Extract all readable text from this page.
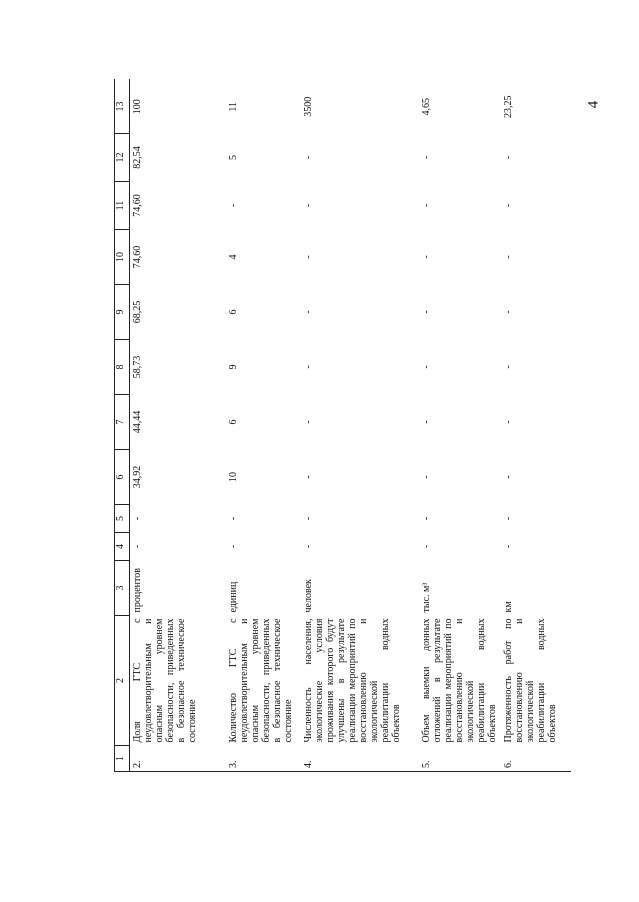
4
1	2	3	4	5	6	7	8	9	10	11	12	13
2.	Доля ГТС с неудовлетворительным и опасным уровнем безопасности, приведенных в безопасное техническое состояние	процентов	-	-	34,92	44,44	58,73	68,25	74,60	74,60	82,54	100
3.	Количество ГТС с неудовлетворительным и опасным уровнем безопасности, приведенных в безопасное техническое состояние	единиц	-	-	10	6	9	6	4	-	5	11
4.	Численность населения, экологические условия проживания которого будут улучшены в результате реализации мероприятий по восстановлению и экологической реабилитации водных объектов	человек	-	-	-	-	-	-	-	-	-	3500
5.	Объем выемки донных отложений в результате реализации мероприятий по восстановлению и экологической реабилитации водных объектов	тыс. м³	-	-	-	-	-	-	-	-	-	4,65
6.	Протяженность работ по восстановлению и экологической реабилитации водных объектов	км	-	-	-	-	-	-	-	-	-	23,25
